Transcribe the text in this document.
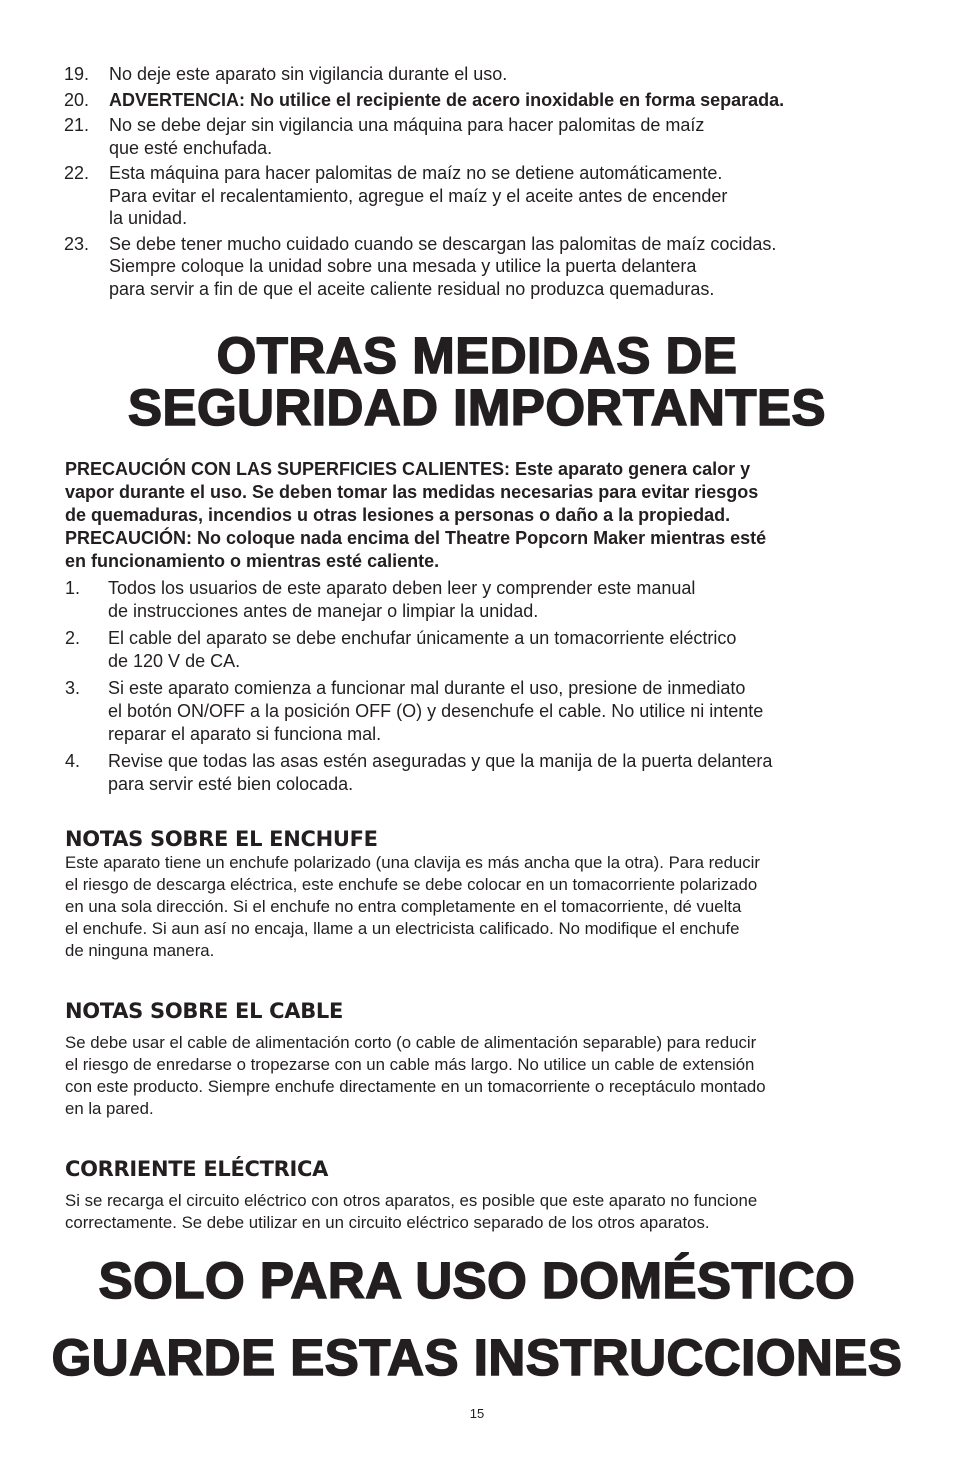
19.	No deje este aparato sin vigilancia durante el uso.
20.	ADVERTENCIA: No utilice el recipiente de acero inoxidable en forma separada.
21.	No se debe dejar sin vigilancia una máquina para hacer palomitas de maíz
que esté enchufada.
22.	Esta máquina para hacer palomitas de maíz no se detiene automáticamente.
Para evitar el recalentamiento, agregue el maíz y el aceite antes de encender
la unidad.
23.	Se debe tener mucho cuidado cuando se descargan las palomitas de maíz cocidas.
Siempre coloque la unidad sobre una mesada y utilice la puerta delantera
para servir a fin de que el aceite caliente residual no produzca quemaduras.
OTRAS MEDIDAS DE
SEGURIDAD IMPORTANTES
PRECAUCIÓN CON LAS SUPERFICIES CALIENTES: Este aparato genera calor y
vapor durante el uso. Se deben tomar las medidas necesarias para evitar riesgos
de quemaduras, incendios u otras lesiones a personas o daño a la propiedad.
PRECAUCIÓN: No coloque nada encima del Theatre Popcorn Maker mientras esté
en funcionamiento o mientras esté caliente.
1.	Todos los usuarios de este aparato deben leer y comprender este manual
de instrucciones antes de manejar o limpiar la unidad.
2.	El cable del aparato se debe enchufar únicamente a un tomacorriente eléctrico
de 120 V de CA.
3.	Si este aparato comienza a funcionar mal durante el uso, presione de inmediato
el botón ON/OFF a la posición OFF (O) y desenchufe el cable. No utilice ni intente
reparar el aparato si funciona mal.
4.	Revise que todas las asas estén aseguradas y que la manija de la puerta delantera
para servir esté bien colocada.
NOTAS SOBRE EL ENCHUFE
Este aparato tiene un enchufe polarizado (una clavija es más ancha que la otra). Para reducir
el riesgo de descarga eléctrica, este enchufe se debe colocar en un tomacorriente polarizado
en una sola dirección. Si el enchufe no entra completamente en el tomacorriente, dé vuelta
el enchufe. Si aun así no encaja, llame a un electricista calificado. No modifique el enchufe
de ninguna manera.
NOTAS SOBRE EL CABLE
Se debe usar el cable de alimentación corto (o cable de alimentación separable) para reducir
el riesgo de enredarse o tropezarse con un cable más largo. No utilice un cable de extensión
con este producto. Siempre enchufe directamente en un tomacorriente o receptáculo montado
en la pared.
CORRIENTE ELÉCTRICA
Si se recarga el circuito eléctrico con otros aparatos, es posible que este aparato no funcione
correctamente. Se debe utilizar en un circuito eléctrico separado de los otros aparatos.
SOLO PARA USO DOMÉSTICO
GUARDE ESTAS INSTRUCCIONES
15
